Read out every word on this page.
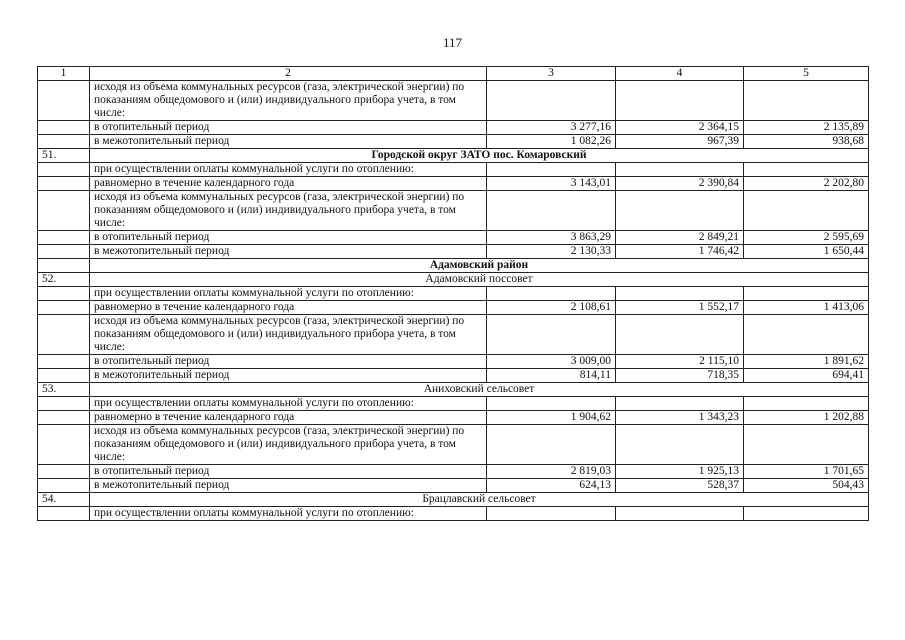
117
1	2	3	4	5
	исходя из объема коммунальных ресурсов (газа, электрической энергии) по показаниям общедомового и (или) индивидуального прибора учета, в том числе:			
	в отопительный период	3 277,16	2 364,15	2 135,89
	в межотопительный период	1 082,26	967,39	938,68
51.	Городской округ ЗАТО пос. Комаровский			
	при осуществлении оплаты коммунальной услуги по отоплению:			
	равномерно в течение календарного года	3 143,01	2 390,84	2 202,80
	исходя из объема коммунальных ресурсов (газа, электрической энергии) по показаниям общедомового и (или) индивидуального прибора учета, в том числе:			
	в отопительный период	3 863,29	2 849,21	2 595,69
	в межотопительный период	2 130,33	1 746,42	1 650,44
	Адамовский район			
52.	Адамовский поссовет			
	при осуществлении оплаты коммунальной услуги по отоплению:			
	равномерно в течение календарного года	2 108,61	1 552,17	1 413,06
	исходя из объема коммунальных ресурсов (газа, электрической энергии) по показаниям общедомового и (или) индивидуального прибора учета, в том числе:			
	в отопительный период	3 009,00	2 115,10	1 891,62
	в межотопительный период	814,11	718,35	694,41
53.	Аниховский сельсовет			
	при осуществлении оплаты коммунальной услуги по отоплению:			
	равномерно в течение календарного года	1 904,62	1 343,23	1 202,88
	исходя из объема коммунальных ресурсов (газа, электрической энергии) по показаниям общедомового и (или) индивидуального прибора учета, в том числе:			
	в отопительный период	2 819,03	1 925,13	1 701,65
	в межотопительный период	624,13	528,37	504,43
54.	Брацлавский сельсовет			
	при осуществлении оплаты коммунальной услуги по отоплению:			
